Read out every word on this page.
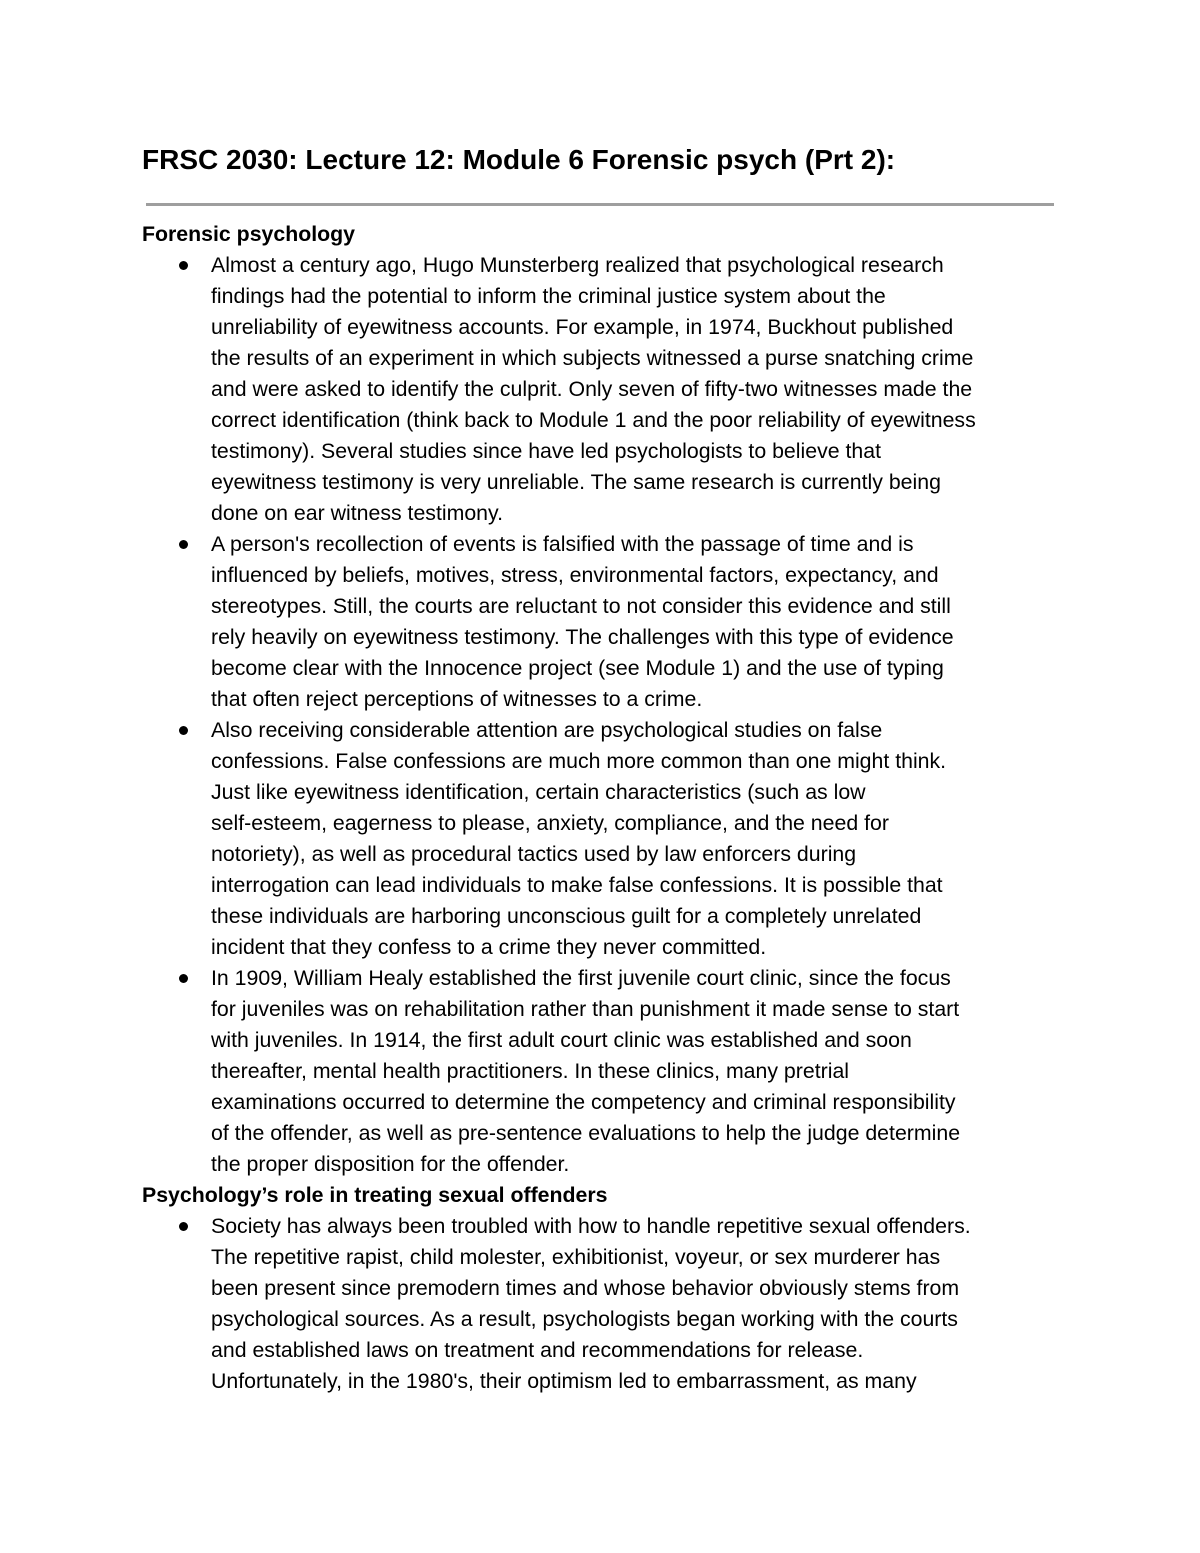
FRSC 2030: Lecture 12: Module 6 Forensic psych (Prt 2):
Forensic psychology
Almost a century ago, Hugo Munsterberg realized that psychological research
findings had the potential to inform the criminal justice system about the
unreliability of eyewitness accounts. For example, in 1974, Buckhout published
the results of an experiment in which subjects witnessed a purse snatching crime
and were asked to identify the culprit. Only seven of fifty-two witnesses made the
correct identification (think back to Module 1 and the poor reliability of eyewitness
testimony). Several studies since have led psychologists to believe that
eyewitness testimony is very unreliable. The same research is currently being
done on ear witness testimony.
A person's recollection of events is falsified with the passage of time and is
influenced by beliefs, motives, stress, environmental factors, expectancy, and
stereotypes. Still, the courts are reluctant to not consider this evidence and still
rely heavily on eyewitness testimony. The challenges with this type of evidence
become clear with the Innocence project (see Module 1) and the use of typing
that often reject perceptions of witnesses to a crime.
Also receiving considerable attention are psychological studies on false
confessions. False confessions are much more common than one might think.
Just like eyewitness identification, certain characteristics (such as low
self-esteem, eagerness to please, anxiety, compliance, and the need for
notoriety), as well as procedural tactics used by law enforcers during
interrogation can lead individuals to make false confessions. It is possible that
these individuals are harboring unconscious guilt for a completely unrelated
incident that they confess to a crime they never committed.
In 1909, William Healy established the first juvenile court clinic, since the focus
for juveniles was on rehabilitation rather than punishment it made sense to start
with juveniles. In 1914, the first adult court clinic was established and soon
thereafter, mental health practitioners. In these clinics, many pretrial
examinations occurred to determine the competency and criminal responsibility
of the offender, as well as pre-sentence evaluations to help the judge determine
the proper disposition for the offender.
Psychology’s role in treating sexual offenders
Society has always been troubled with how to handle repetitive sexual offenders.
The repetitive rapist, child molester, exhibitionist, voyeur, or sex murderer has
been present since premodern times and whose behavior obviously stems from
psychological sources. As a result, psychologists began working with the courts
and established laws on treatment and recommendations for release.
Unfortunately, in the 1980's, their optimism led to embarrassment, as many
